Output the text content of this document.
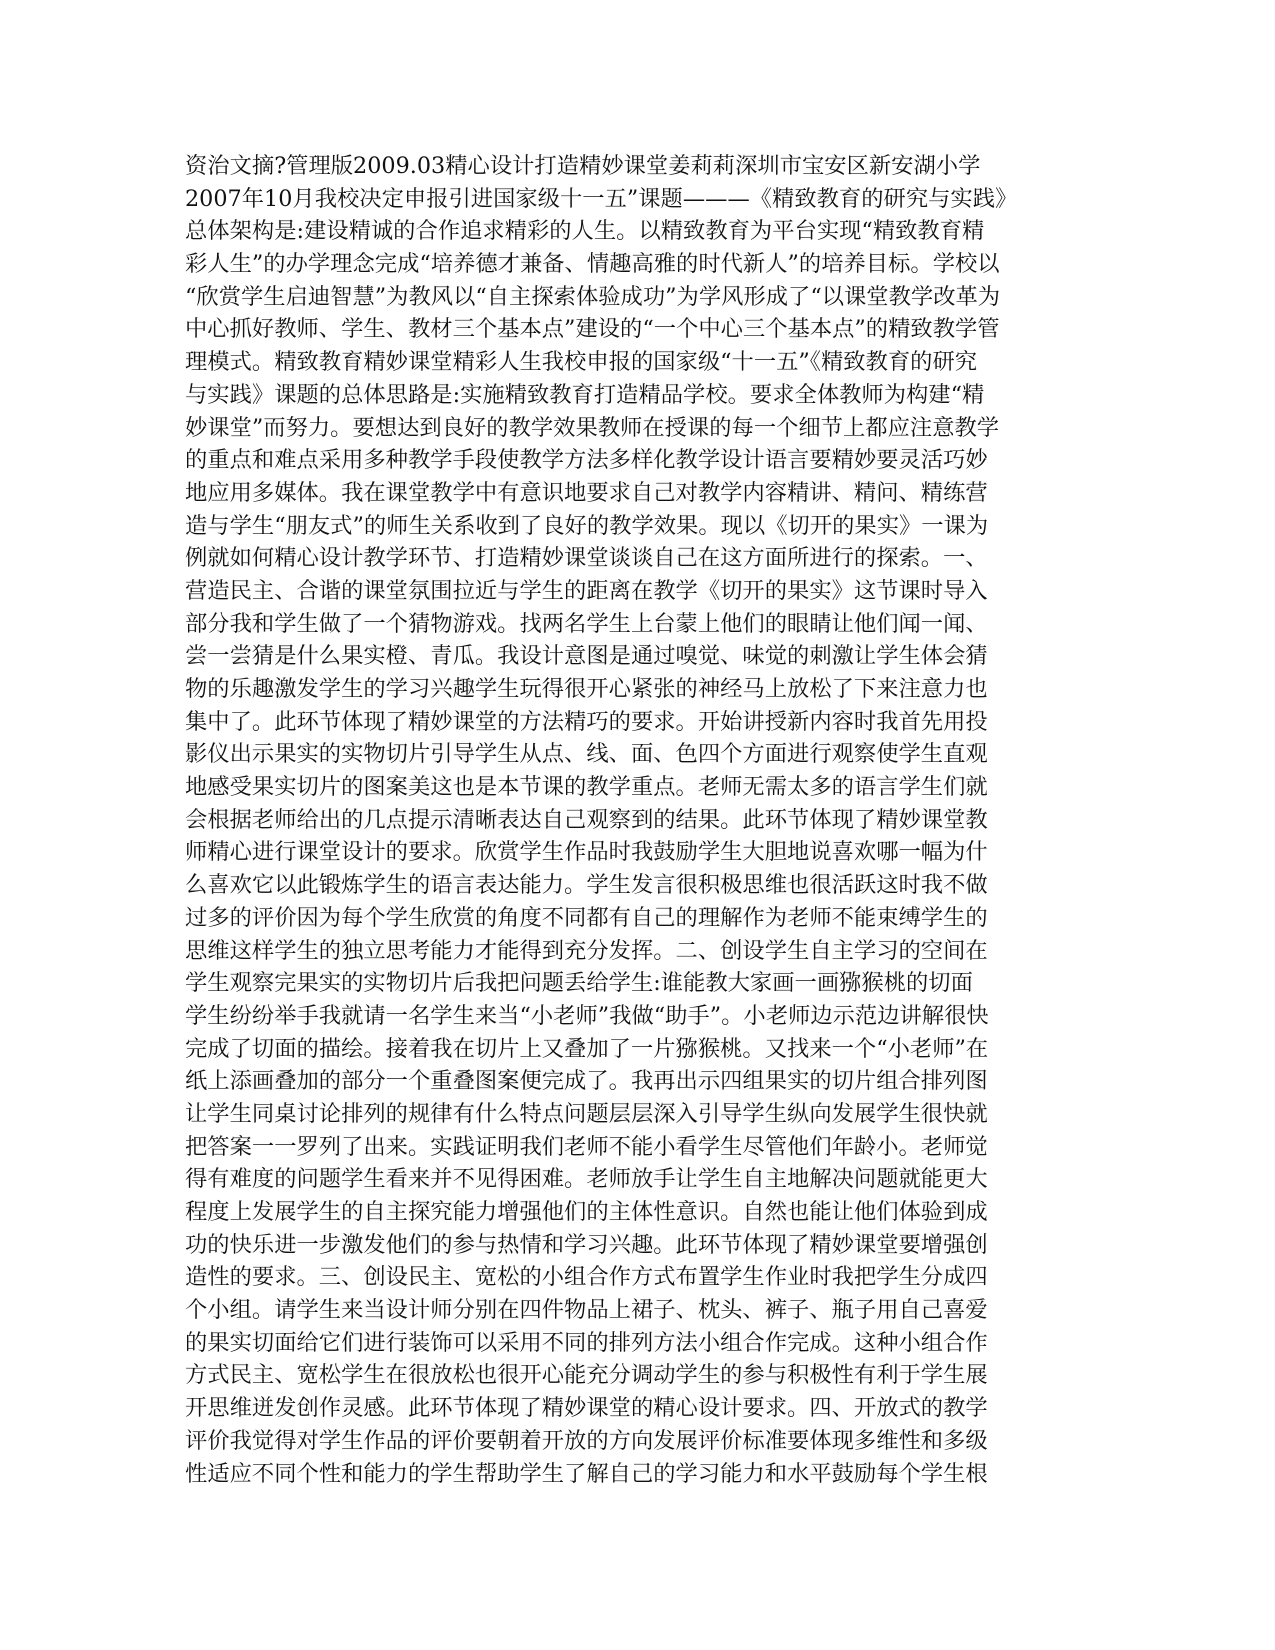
资治文摘?管理版2009.03精心设计打造精妙课堂姜莉莉深圳市宝安区新安湖小学
2007年10月我校决定申报引进国家级十一五”课题———《精致教育的研究与实践》
总体架构是:建设精诚的合作追求精彩的人生。以精致教育为平台实现“精致教育精
彩人生”的办学理念完成“培养德才兼备、情趣高雅的时代新人”的培养目标。学校以
“欣赏学生启迪智慧”为教风以“自主探索体验成功”为学风形成了“以课堂教学改革为
中心抓好教师、学生、教材三个基本点”建设的“一个中心三个基本点”的精致教学管
理模式。精致教育精妙课堂精彩人生我校申报的国家级“十一五”《精致教育的研究
与实践》课题的总体思路是:实施精致教育打造精品学校。要求全体教师为构建“精
妙课堂”而努力。要想达到良好的教学效果教师在授课的每一个细节上都应注意教学
的重点和难点采用多种教学手段使教学方法多样化教学设计语言要精妙要灵活巧妙
地应用多媒体。我在课堂教学中有意识地要求自己对教学内容精讲、精问、精练营
造与学生“朋友式”的师生关系收到了良好的教学效果。现以《切开的果实》一课为
例就如何精心设计教学环节、打造精妙课堂谈谈自己在这方面所进行的探索。一、
营造民主、合谐的课堂氛围拉近与学生的距离在教学《切开的果实》这节课时导入
部分我和学生做了一个猜物游戏。找两名学生上台蒙上他们的眼睛让他们闻一闻、
尝一尝猜是什么果实橙、青瓜。我设计意图是通过嗅觉、味觉的刺激让学生体会猜
物的乐趣激发学生的学习兴趣学生玩得很开心紧张的神经马上放松了下来注意力也
集中了。此环节体现了精妙课堂的方法精巧的要求。开始讲授新内容时我首先用投
影仪出示果实的实物切片引导学生从点、线、面、色四个方面进行观察使学生直观
地感受果实切片的图案美这也是本节课的教学重点。老师无需太多的语言学生们就
会根据老师给出的几点提示清晰表达自己观察到的结果。此环节体现了精妙课堂教
师精心进行课堂设计的要求。欣赏学生作品时我鼓励学生大胆地说喜欢哪一幅为什
么喜欢它以此锻炼学生的语言表达能力。学生发言很积极思维也很活跃这时我不做
过多的评价因为每个学生欣赏的角度不同都有自己的理解作为老师不能束缚学生的
思维这样学生的独立思考能力才能得到充分发挥。二、创设学生自主学习的空间在
学生观察完果实的实物切片后我把问题丢给学生:谁能教大家画一画猕猴桃的切面
学生纷纷举手我就请一名学生来当“小老师”我做“助手”。小老师边示范边讲解很快
完成了切面的描绘。接着我在切片上又叠加了一片猕猴桃。又找来一个“小老师”在
纸上添画叠加的部分一个重叠图案便完成了。我再出示四组果实的切片组合排列图
让学生同桌讨论排列的规律有什么特点问题层层深入引导学生纵向发展学生很快就
把答案一一罗列了出来。实践证明我们老师不能小看学生尽管他们年龄小。老师觉
得有难度的问题学生看来并不见得困难。老师放手让学生自主地解决问题就能更大
程度上发展学生的自主探究能力增强他们的主体性意识。自然也能让他们体验到成
功的快乐进一步激发他们的参与热情和学习兴趣。此环节体现了精妙课堂要增强创
造性的要求。三、创设民主、宽松的小组合作方式布置学生作业时我把学生分成四
个小组。请学生来当设计师分别在四件物品上裙子、枕头、裤子、瓶子用自己喜爱
的果实切面给它们进行装饰可以采用不同的排列方法小组合作完成。这种小组合作
方式民主、宽松学生在很放松也很开心能充分调动学生的参与积极性有利于学生展
开思维迸发创作灵感。此环节体现了精妙课堂的精心设计要求。四、开放式的教学
评价我觉得对学生作品的评价要朝着开放的方向发展评价标准要体现多维性和多级
性适应不同个性和能力的学生帮助学生了解自己的学习能力和水平鼓励每个学生根
